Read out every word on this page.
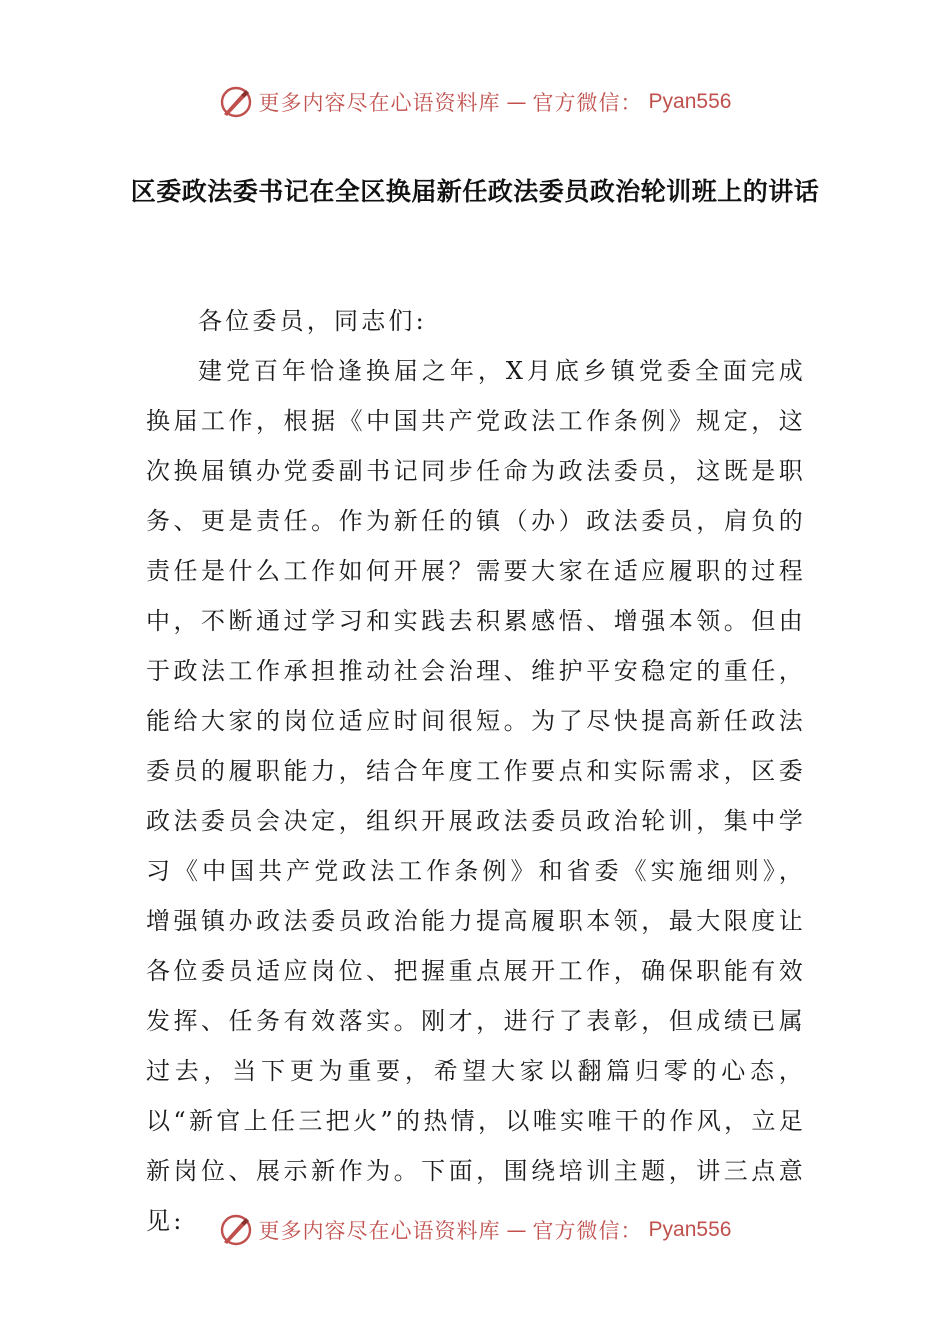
更多内容尽在心语资料库 — 官方微信： Pyan556
区委政法委书记在全区换届新任政法委员政治轮训班上的讲话

各位委员，同志们:

建党百年恰逢换届之年，X月底乡镇党委全面完成换届工作，根据《中国共产党政法工作条例》规定，这次换届镇办党委副书记同步任命为政法委员，这既是职务、更是责任。作为新任的镇（办）政法委员，肩负的责任是什么工作如何开展？需要大家在适应履职的过程中，不断通过学习和实践去积累感悟、增强本领。但由于政法工作承担推动社会治理、维护平安稳定的重任，能给大家的岗位适应时间很短。为了尽快提高新任政法委员的履职能力，结合年度工作要点和实际需求，区委政法委员会决定，组织开展政法委员政治轮训，集中学习《中国共产党政法工作条例》和省委《实施细则》，增强镇办政法委员政治能力提高履职本领，最大限度让各位委员适应岗位、把握重点展开工作，确保职能有效发挥、任务有效落实。刚才，进行了表彰，但成绩已属过去，当下更为重要，希望大家以翻篇归零的心态，以“新官上任三把火”的热情，以唯实唯干的作风，立足新岗位、展示新作为。下面，围绕培训主题，讲三点意见:	更多内容尽在心语资料库 — 官方微信： Pyan556
